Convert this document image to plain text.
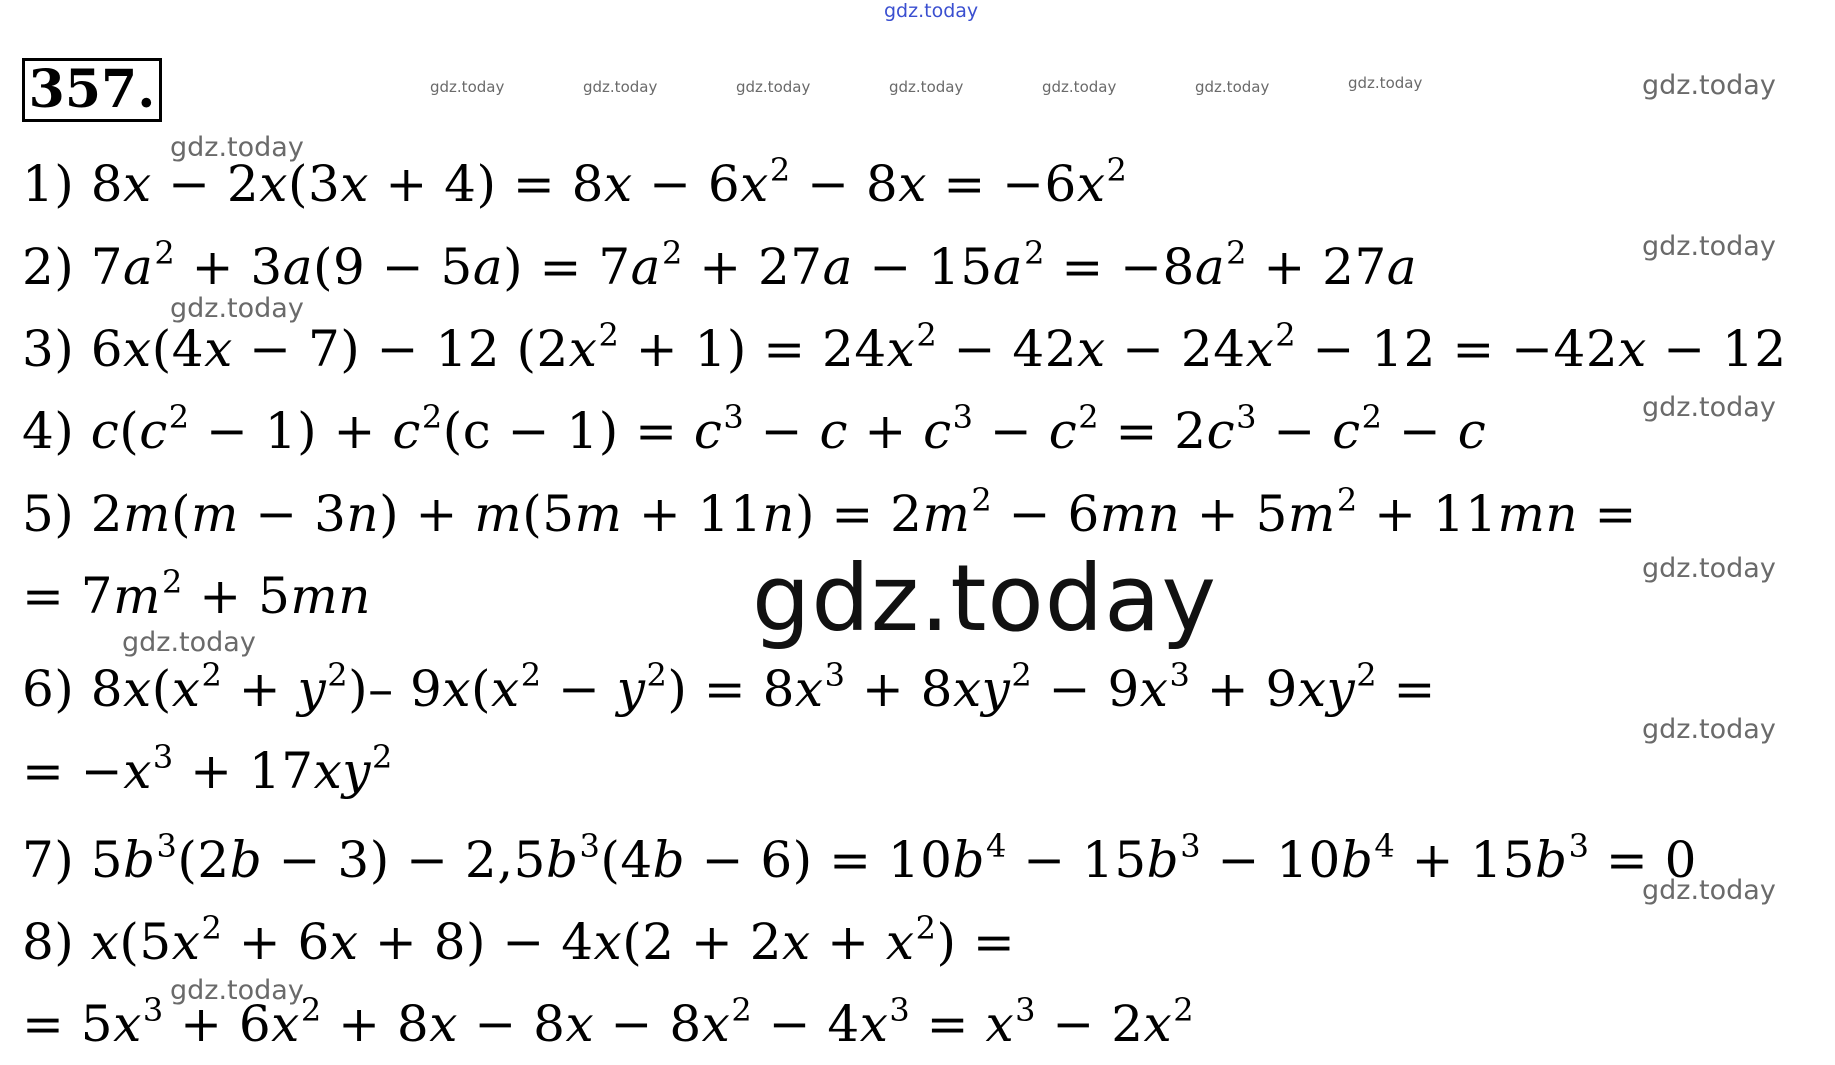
357.
gdz.today
gdz.today	gdz.today	gdz.today	gdz.today	gdz.today	gdz.today	gdz.today	gdz.today
gdz.today
gdz.today
gdz.today
gdz.today
gdz.today
gdz.today
gdz.today
gdz.today
gdz.today
gdz.today
1) $8x - 2x(3x + 4) = 8x - 6x^2 - 8x = -6x^2$
2) $7a^2 + 3a(9 - 5a) = 7a^2 + 27a - 15a^2 = -8a^2 + 27a$
3) 6x(4x − 7) − 12 $(2x^2 + 1) = 24x^2 - 42x - 24x^2 - 12 = -42x - 12$
4) $c(c^2 - 1) + c^2(c - 1) = c^3 - c + c^3 - c^2 = 2c^3 - c^2 - c$
5) $2m(m - 3n) + m(5m + 11n) = 2m^2 - 6mn + 5m^2 + 11mn$ =
= $7m^2 + 5mn$
6) $8x(x^2 + y^2)-$ $9x(x^2 - y^2) = 8x^3 + 8xy^2 - 9x^3 + 9xy^2$ =
= $-x^3 + 17xy^2$
7) $5b^3(2b - 3) - 2,5b^3(4b - 6) = 10b^4 - 15b^3 - 10b^4 + 15b^3 = 0$
8) $x(5x^2 + 6x + 8) - 4x(2 + 2x + x^2)$ =
= $5x^3 + 6x^2 + 8x - 8x - 8x^2 - 4x^3 = x^3 - 2x^2$
